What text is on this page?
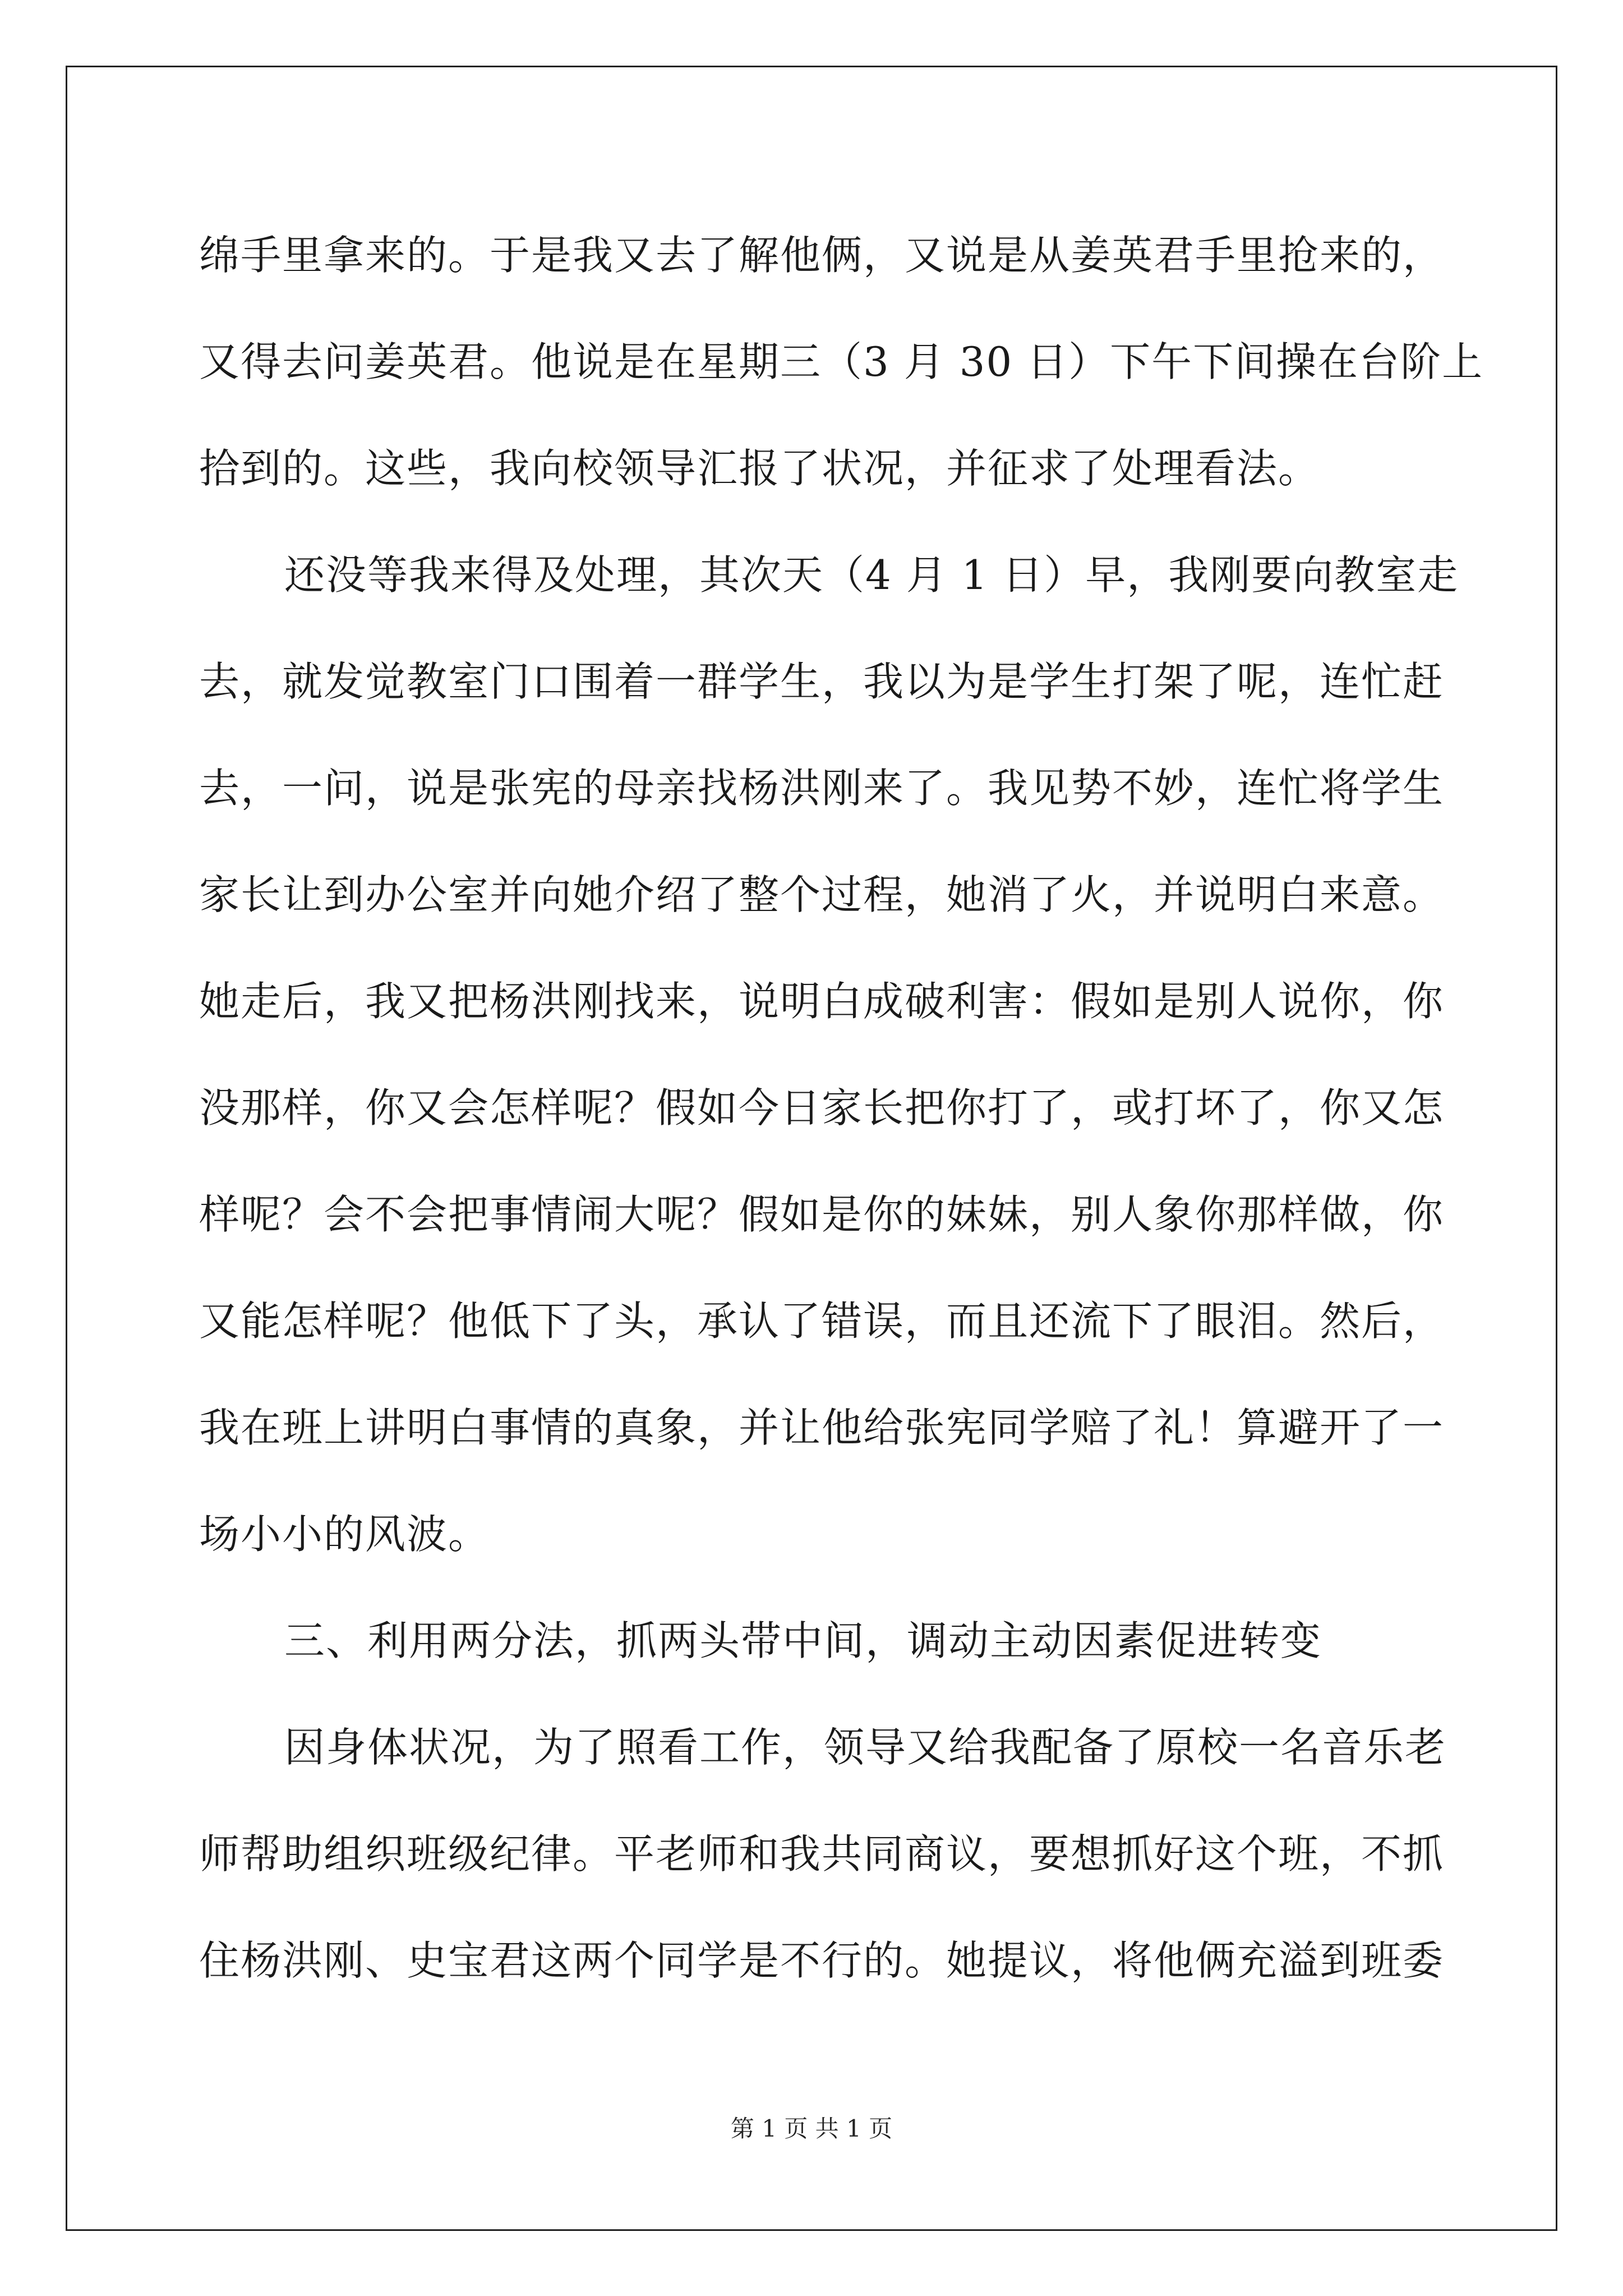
绵手里拿来的。于是我又去了解他俩，又说是从姜英君手里抢来的，
又得去问姜英君。他说是在星期三（3 月 30 日）下午下间操在台阶上
拾到的。这些，我向校领导汇报了状况，并征求了处理看法。
还没等我来得及处理，其次天（4 月 1 日）早，我刚要向教室走
去，就发觉教室门口围着一群学生，我以为是学生打架了呢，连忙赶
去，一问，说是张宪的母亲找杨洪刚来了。我见势不妙，连忙将学生
家长让到办公室并向她介绍了整个过程，她消了火，并说明白来意。
她走后，我又把杨洪刚找来，说明白成破利害：假如是别人说你，你
没那样，你又会怎样呢？假如今日家长把你打了，或打坏了，你又怎
样呢？会不会把事情闹大呢？假如是你的妹妹，别人象你那样做，你
又能怎样呢？他低下了头，承认了错误，而且还流下了眼泪。然后，
我在班上讲明白事情的真象，并让他给张宪同学赔了礼！算避开了一
场小小的风波。
三、利用两分法，抓两头带中间，调动主动因素促进转变
因身体状况，为了照看工作，领导又给我配备了原校一名音乐老
师帮助组织班级纪律。平老师和我共同商议，要想抓好这个班，不抓
住杨洪刚、史宝君这两个同学是不行的。她提议，将他俩充溢到班委
第 1 页 共 1 页
